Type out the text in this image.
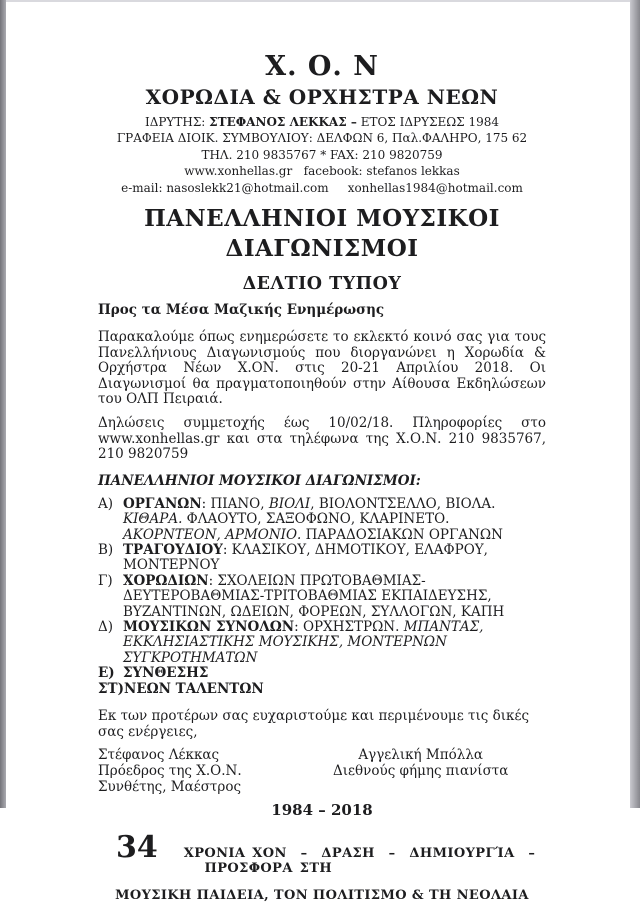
Χ. Ο. Ν
ΧΟΡΩΔΙΑ & ΟΡΧΗΣΤΡΑ ΝΕΩΝ
ΙΔΡΥΤΗΣ: ΣΤΕΦΑΝΟΣ ΛΕΚΚΑΣ – ΕΤΟΣ ΙΔΡΥΣΕΩΣ 1984
ΓΡΑΦΕΙΑ ΔΙΟΙΚ. ΣΥΜΒΟΥΛΙΟΥ: ΔΕΛΦΩΝ 6, Παλ.ΦΑΛΗΡΟ, 175 62
ΤΗΛ. 210 9835767 * FAX: 210 9820759
www.xonhellas.gr   facebook: stefanos lekkas
e-mail: nasoslekk21@hotmail.com     xonhellas1984@hotmail.com
ΠΑΝΕΛΛΗΝΙΟΙ ΜΟΥΣΙΚΟΙ ΔΙΑΓΩΝΙΣΜΟΙ
ΔΕΛΤΙΟ ΤΥΠΟΥ
Προς τα Μέσα Μαζικής Ενημέρωσης
Παρακαλούμε όπως ενημερώσετε το εκλεκτό κοινό σας για τους Πανελλήνιους Διαγωνισμούς που διοργανώνει η Χορωδία & Ορχήστρα Νέων Χ.ΟΝ. στις 20-21 Απριλίου 2018. Οι Διαγωνισμοί θα πραγματοποιηθούν στην Αίθουσα Εκδηλώσεων του ΟΛΠ Πειραιά.
Δηλώσεις συμμετοχής έως 10/02/18. Πληροφορίες στο www.xonhellas.gr και στα τηλέφωνα της Χ.Ο.Ν. 210 9835767, 210 9820759
ΠΑΝΕΛΛΗΝΙΟΙ ΜΟΥΣΙΚΟΙ ΔΙΑΓΩΝΙΣΜΟΙ:
Α) ΟΡΓΑΝΩΝ: ΠΙΑΝΟ, ΒΙΟΛΙ, ΒΙΟΛΟΝΤΣΕΛΛΟ, ΒΙΟΛΑ. ΚΙΘΑΡΑ. ΦΛΑΟΥΤΟ, ΣΑΞΟΦΩΝΟ, ΚΛΑΡΙΝΕΤΟ. ΑΚΟΡΝΤΕΟΝ, ΑΡΜΟΝΙΟ. ΠΑΡΑΔΟΣΙΑΚΩΝ ΟΡΓΑΝΩΝ
Β) ΤΡΑΓΟΥΔΙΟΥ: ΚΛΑΣΙΚΟΥ, ΔΗΜΟΤΙΚΟΥ, ΕΛΑΦΡΟΥ, ΜΟΝΤΕΡΝΟΥ
Γ) ΧΟΡΩΔΙΩΝ: ΣΧΟΛΕΙΩΝ ΠΡΩΤΟΒΑΘΜΙΑΣ-ΔΕΥΤΕΡΟΒΑΘΜΙΑΣ-ΤΡΙΤΟΒΑΘΜΙΑΣ ΕΚΠΑΙΔΕΥΣΗΣ, ΒΥΖΑΝΤΙΝΩΝ, ΩΔΕΙΩΝ, ΦΟΡΕΩΝ, ΣΥΛΛΟΓΩΝ, ΚΑΠΗ
Δ) ΜΟΥΣΙΚΩΝ ΣΥΝΟΛΩΝ: ΟΡΧΗΣΤΡΩΝ. ΜΠΑΝΤΑΣ, ΕΚΚΛΗΣΙΑΣΤΙΚΗΣ ΜΟΥΣΙΚΗΣ, ΜΟΝΤΕΡΝΩΝ ΣΥΓΚΡΟΤΗΜΑΤΩΝ
Ε) ΣΥΝΘΕΣΗΣ
ΣΤ) ΝΕΩΝ ΤΑΛΕΝΤΩΝ
Εκ των προτέρων σας ευχαριστούμε και περιμένουμε τις δικές σας ενέργειες,
Στέφανος Λέκκας
Πρόεδρος της Χ.Ο.Ν.
Συνθέτης, Μαέστρος
Αγγελική Μπόλλα
Διεθνούς φήμης πιανίστα
1984 – 2018
34 ΧΡΟΝΙΑ ΧΟΝ  –  ΔΡΑΣΗ  –  ΔΗΜΙΟΥΡΓΊΑ  –   ΠΡΟΣΦΟΡΑ ΣΤΗ
ΜΟΥΣΙΚΗ ΠΑΙΔΕΙΑ, ΤΟΝ ΠΟΛΙΤΙΣΜΟ & ΤΗ ΝΕΟΛΑΙΑ
